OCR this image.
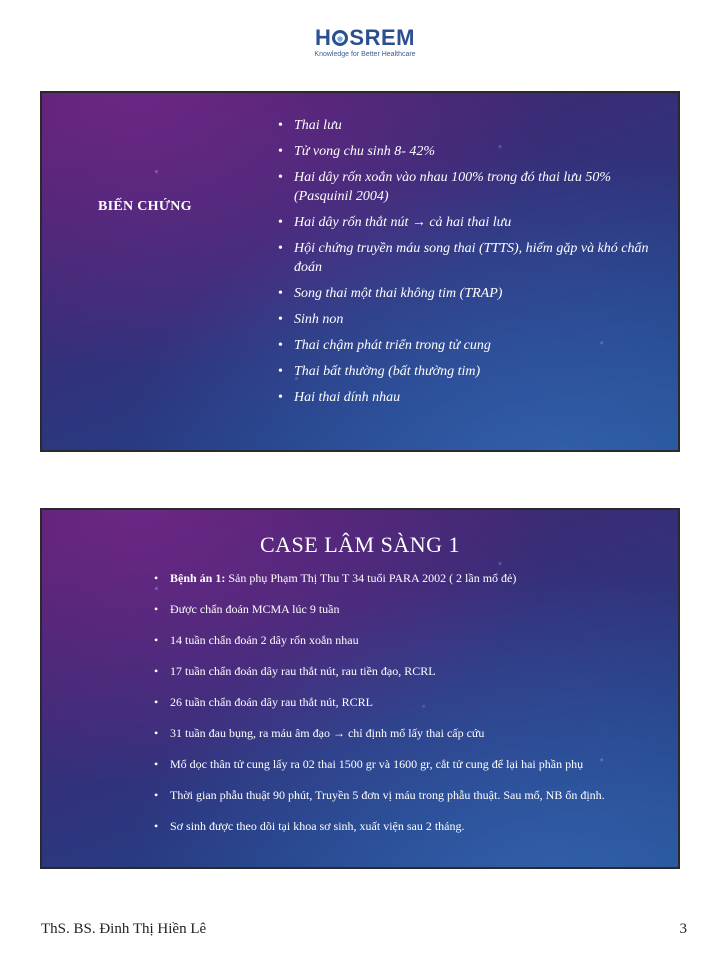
H SREM
Knowledge for Better Healthcare
BIẾN CHỨNG
• Thai lưu
• Tử vong chu sinh 8- 42%
• Hai dây rốn xoắn vào nhau 100% trong đó thai lưu 50% (Pasquinil 2004)
• Hai dây rốn thắt nút → cả hai thai lưu
• Hội chứng truyền máu song thai (TTTS), hiếm gặp và khó chẩn đoán
• Song thai một thai không tim (TRAP)
• Sinh non
• Thai chậm phát triển trong tử cung
• Thai bất thường (bất thường tim)
• Hai thai dính nhau
CASE LÂM SÀNG 1
• Bệnh án 1: Sản phụ Phạm Thị Thu T 34 tuổi PARA 2002 ( 2 lần mổ đẻ)
• Được chẩn đoán MCMA lúc 9 tuần
• 14 tuần chẩn đoán 2 dây rốn xoắn nhau
• 17 tuần chẩn đoán dây rau thắt nút, rau tiền đạo, RCRL
• 26 tuần chẩn đoán dây rau thắt nút, RCRL
• 31 tuần đau bụng, ra máu âm đạo → chỉ định mổ lấy thai cấp cứu
• Mổ dọc thân tử cung lấy ra 02 thai 1500 gr và 1600 gr, cắt tử cung để lại hai phần phụ
• Thời gian phẫu thuật 90 phút, Truyền 5 đơn vị máu trong phẫu thuật. Sau mổ, NB ổn định.
• Sơ sinh được theo dõi tại khoa sơ sinh, xuất viện sau 2 tháng.
ThS. BS. Đinh Thị Hiền Lê	3
